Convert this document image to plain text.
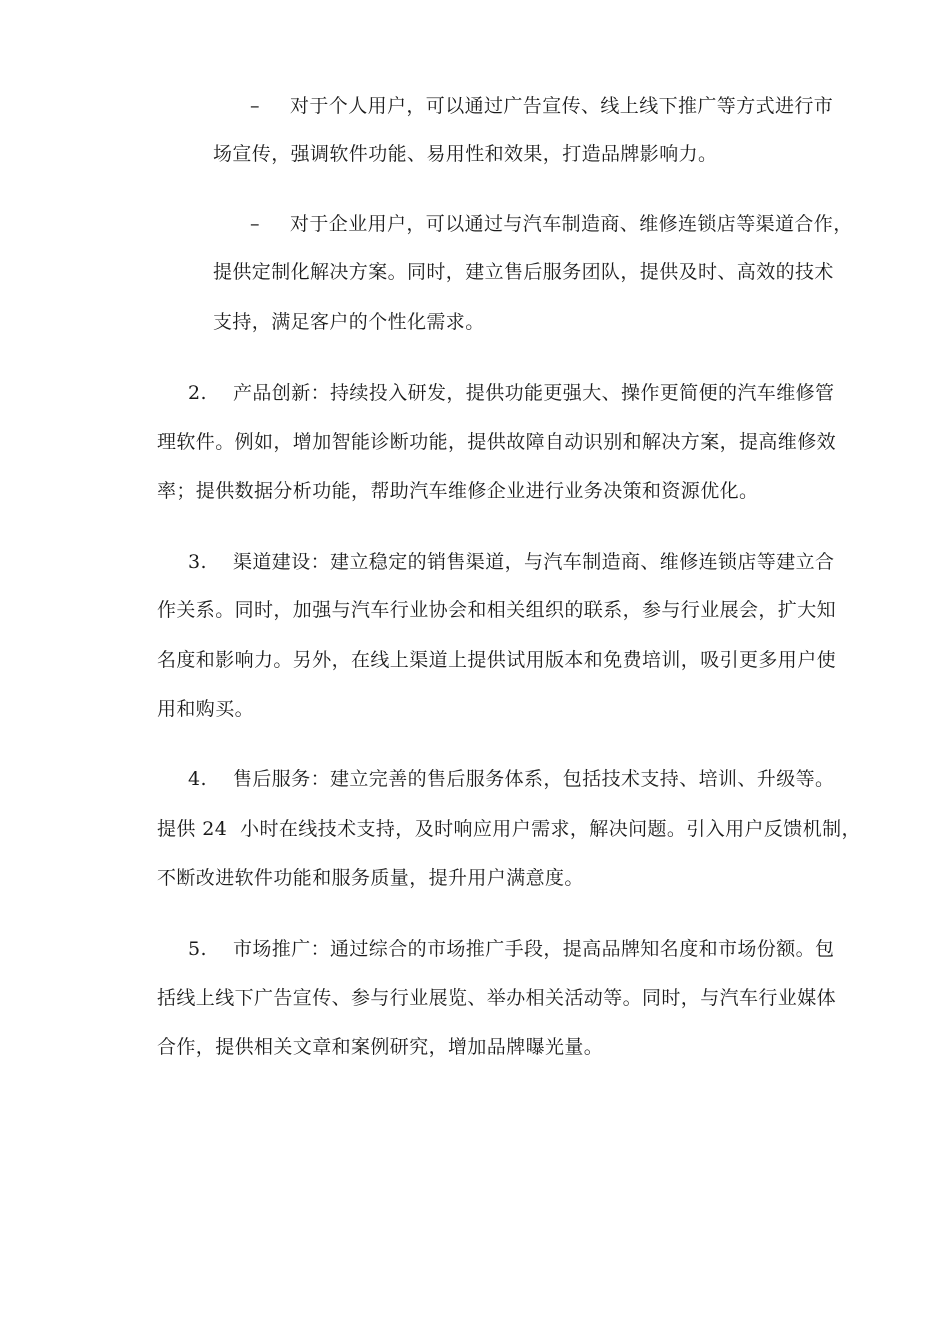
– 对于个人用户，可以通过广告宣传、线上线下推广等方式进行市
场宣传，强调软件功能、易用性和效果，打造品牌影响力。
– 对于企业用户，可以通过与汽车制造商、维修连锁店等渠道合作，
提供定制化解决方案。同时，建立售后服务团队，提供及时、高效的技术
支持，满足客户的个性化需求。
2. 产品创新：持续投入研发，提供功能更强大、操作更简便的汽车维修管
理软件。例如，增加智能诊断功能，提供故障自动识别和解决方案，提高维修效
率；提供数据分析功能，帮助汽车维修企业进行业务决策和资源优化。
3. 渠道建设：建立稳定的销售渠道，与汽车制造商、维修连锁店等建立合
作关系。同时，加强与汽车行业协会和相关组织的联系，参与行业展会，扩大知
名度和影响力。另外，在线上渠道上提供试用版本和免费培训，吸引更多用户使
用和购买。
4. 售后服务：建立完善的售后服务体系，包括技术支持、培训、升级等。
提供 24  小时在线技术支持，及时响应用户需求，解决问题。引入用户反馈机制，
不断改进软件功能和服务质量，提升用户满意度。
5. 市场推广：通过综合的市场推广手段，提高品牌知名度和市场份额。包
括线上线下广告宣传、参与行业展览、举办相关活动等。同时，与汽车行业媒体
合作，提供相关文章和案例研究，增加品牌曝光量。
